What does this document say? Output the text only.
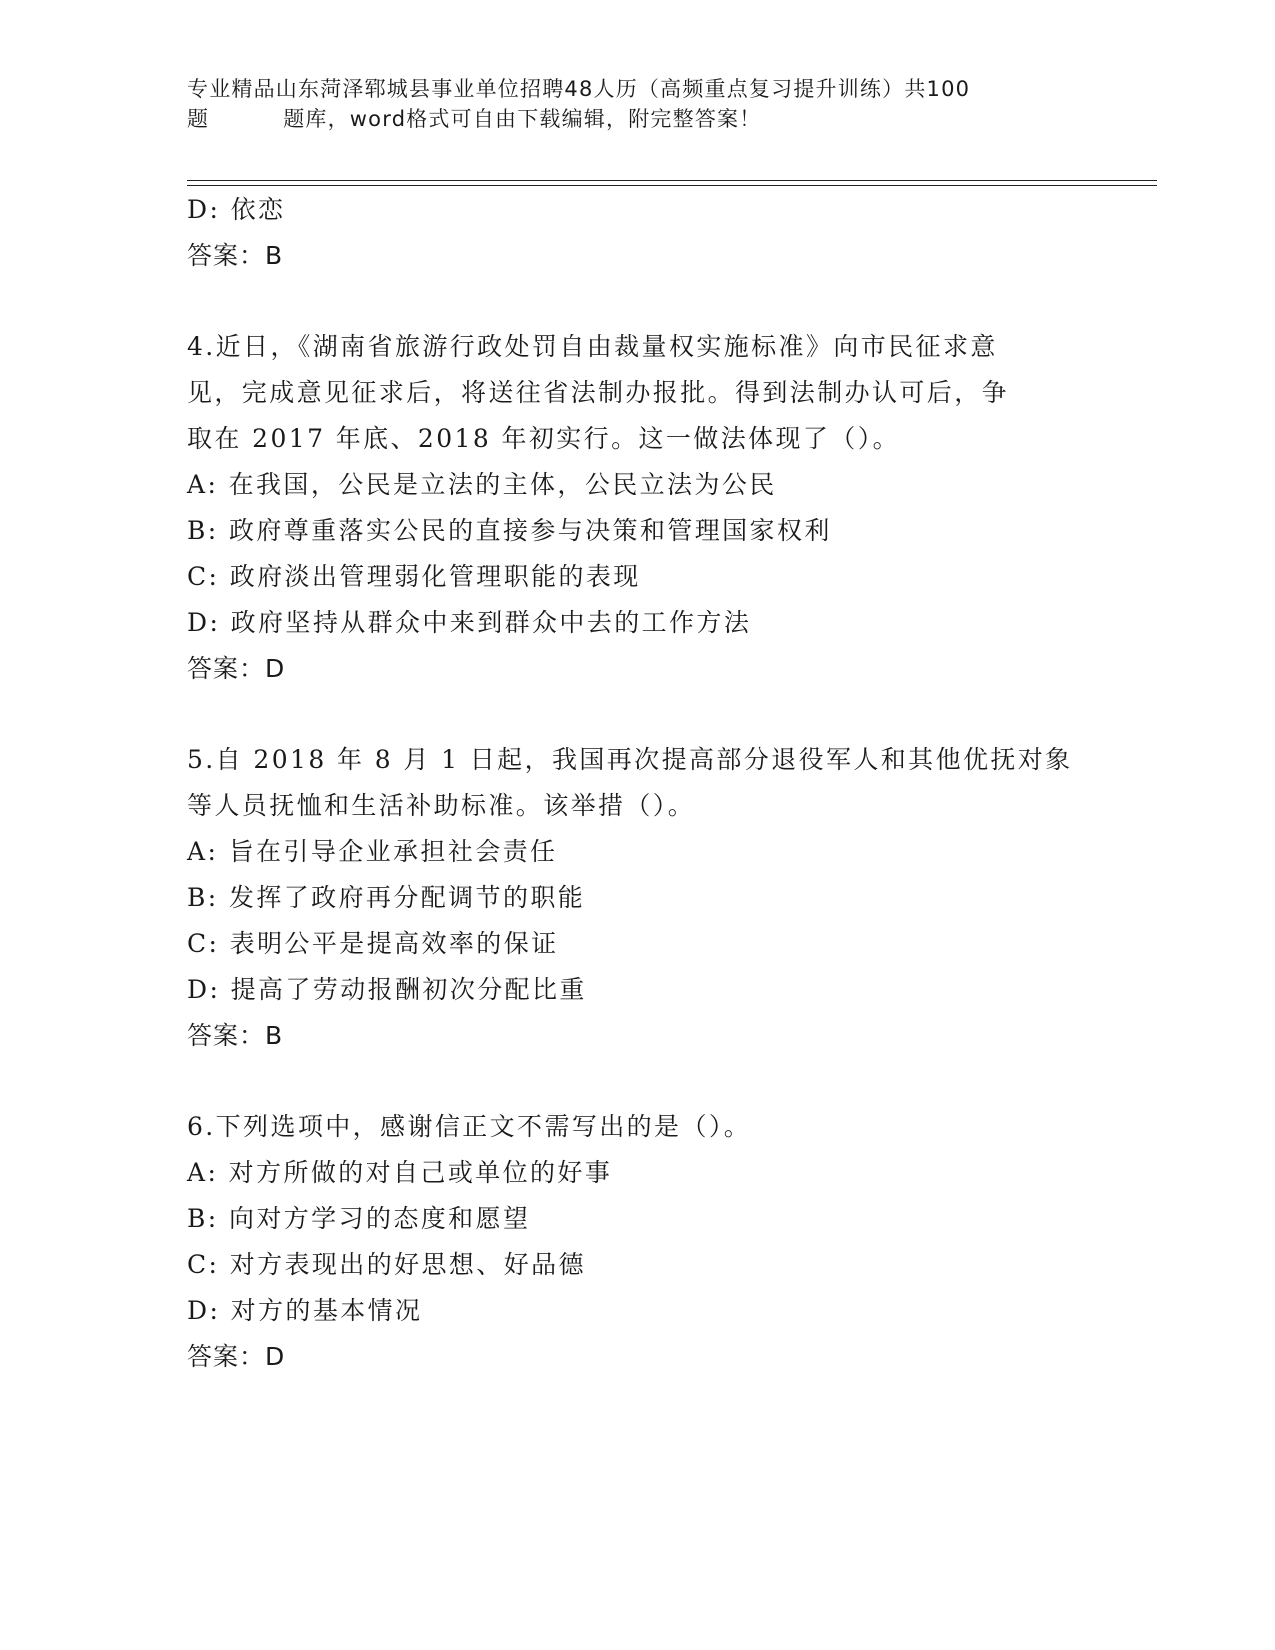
专业精品山东菏泽郓城县事业单位招聘48人历（高频重点复习提升训练）共100
题	题库，word格式可自由下载编辑，附完整答案！
D: 依恋
答案：B
4.近日，《湖南省旅游行政处罚自由裁量权实施标准》向市民征求意
见，完成意见征求后，将送往省法制办报批。得到法制办认可后，争
取在 2017 年底、2018 年初实行。这一做法体现了（）。
A: 在我国，公民是立法的主体，公民立法为公民
B: 政府尊重落实公民的直接参与决策和管理国家权利
C: 政府淡出管理弱化管理职能的表现
D: 政府坚持从群众中来到群众中去的工作方法
答案：D
5.自 2018 年 8 月 1 日起，我国再次提高部分退役军人和其他优抚对象
等人员抚恤和生活补助标准。该举措（）。
A: 旨在引导企业承担社会责任
B: 发挥了政府再分配调节的职能
C: 表明公平是提高效率的保证
D: 提高了劳动报酬初次分配比重
答案：B
6.下列选项中，感谢信正文不需写出的是（）。
A: 对方所做的对自己或单位的好事
B: 向对方学习的态度和愿望
C: 对方表现出的好思想、好品德
D: 对方的基本情况
答案：D
